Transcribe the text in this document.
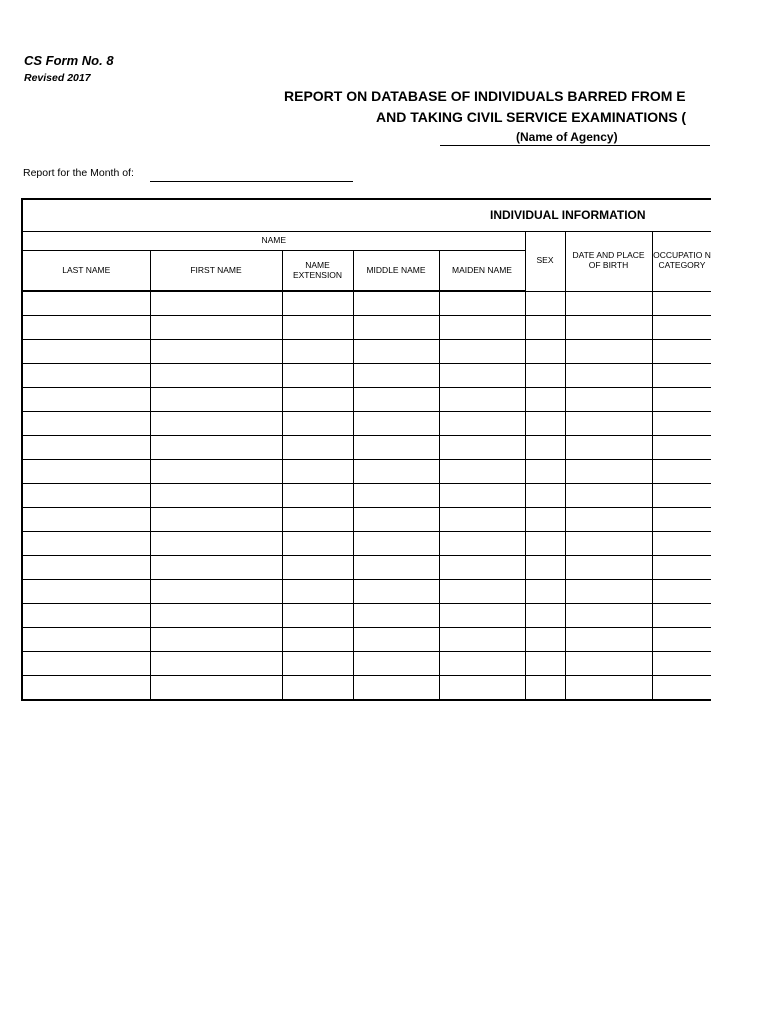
CS Form No. 8
Revised 2017
REPORT ON DATABASE OF INDIVIDUALS BARRED FROM E
AND TAKING CIVIL SERVICE EXAMINATIONS (
(Name of Agency)
Report for the Month of:
INDIVIDUAL INFORMATION								
NAME					SEX	DATE AND PLACE OF BIRTH	OCCUPATIO N CATEGORY	
LAST NAME	FIRST NAME	NAME EXTENSION	MIDDLE NAME	MAIDEN NAME				
